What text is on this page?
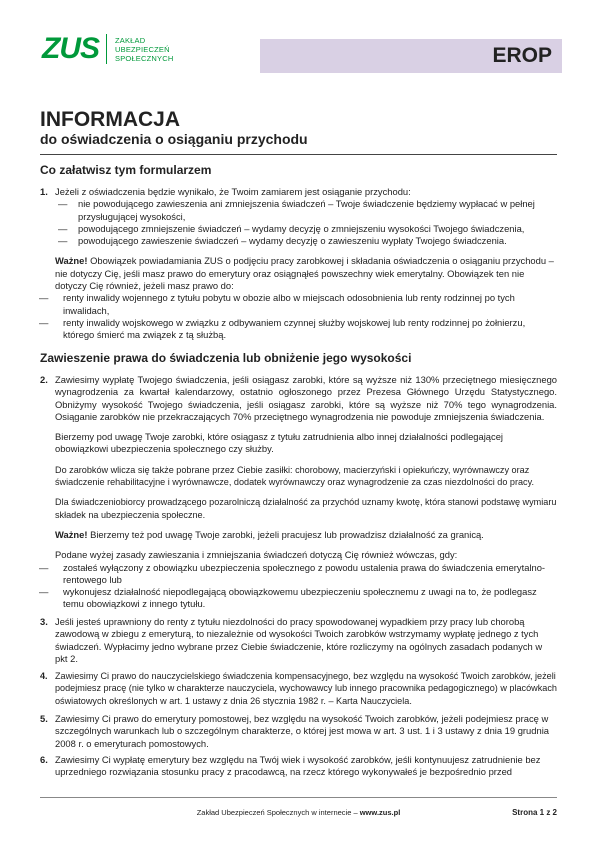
ZUS ZAKŁAD
UBEZPIECZEŃ
SPOŁECZNYCH	EROP
INFORMACJA
do oświadczenia o osiąganiu przychodu
Co załatwisz tym formularzem
1. Jeżeli z oświadczenia będzie wynikało, że Twoim zamiarem jest osiąganie przychodu:

—	nie powodującego zawieszenia ani zmniejszenia świadczeń – Twoje świadczenie będziemy wypłacać w pełnej przysługującej wysokości,
—	powodującego zmniejszenie świadczeń – wydamy decyzję o zmniejszeniu wysokości Twojego świadczenia,
—	powodującego zawieszenie świadczeń – wydamy decyzję o zawieszeniu wypłaty Twojego świadczenia.

Ważne! Obowiązek powiadamiania ZUS o podjęciu pracy zarobkowej i składania oświadczenia o osiąganiu przychodu – nie dotyczy Cię, jeśli masz prawo do emerytury oraz osiągnąłeś powszechny wiek emerytalny. Obowiązek ten nie dotyczy Cię również, jeżeli masz prawo do:

—	renty inwalidy wojennego z tytułu pobytu w obozie albo w miejscach odosobnienia lub renty rodzinnej po tych inwalidach,
—	renty inwalidy wojskowego w związku z odbywaniem czynnej służby wojskowej lub renty rodzinnej po żołnierzu, którego śmierć ma związek z tą służbą.
Zawieszenie prawa do świadczenia lub obniżenie jego wysokości
2. Zawiesimy wypłatę Twojego świadczenia, jeśli osiągasz zarobki, które są wyższe niż 130% przeciętnego miesięcznego wynagrodzenia za kwartał kalendarzowy, ostatnio ogłoszonego przez Prezesa Głównego Urzędu Statystycznego. Obniżymy wysokość Twojego świadczenia, jeśli osiągasz zarobki, które są wyższe niż 70% tego wynagrodzenia. Osiąganie zarobków nie przekraczających 70% przeciętnego wynagrodzenia nie powoduje zmniejszenia świadczenia.

Bierzemy pod uwagę Twoje zarobki, które osiągasz z tytułu zatrudnienia albo innej działalności podlegającej obowiązkowi ubezpieczenia społecznego czy służby.

Do zarobków wlicza się także pobrane przez Ciebie zasiłki: chorobowy, macierzyński i opiekuńczy, wyrównawczy oraz świadczenie rehabilitacyjne i wyrównawcze, dodatek wyrównawczy oraz wynagrodzenie za czas niezdolności do pracy.

Dla świadczeniobiorcy prowadzącego pozarolniczą działalność za przychód uznamy kwotę, która stanowi podstawę wymiaru składek na ubezpieczenia społeczne.

Ważne! Bierzemy też pod uwagę Twoje zarobki, jeżeli pracujesz lub prowadzisz działalność za granicą.

Podane wyżej zasady zawieszania i zmniejszania świadczeń dotyczą Cię również wówczas, gdy:

—	zostałeś wyłączony z obowiązku ubezpieczenia społecznego z powodu ustalenia prawa do świadczenia emerytalno-rentowego lub
—	wykonujesz działalność niepodlegającą obowiązkowemu ubezpieczeniu społecznemu z uwagi na to, że podlegasz temu obowiązkowi z innego tytułu.
3. Jeśli jesteś uprawniony do renty z tytułu niezdolności do pracy spowodowanej wypadkiem przy pracy lub chorobą zawodową w zbiegu z emeryturą, to niezależnie od wysokości Twoich zarobków wstrzymamy wypłatę jednego z tych świadczeń. Wypłacimy jedno wybrane przez Ciebie świadczenie, które rozliczymy na ogólnych zasadach podanych w pkt 2.

4. Zawiesimy Ci prawo do nauczycielskiego świadczenia kompensacyjnego, bez względu na wysokość Twoich zarobków, jeżeli podejmiesz pracę (nie tylko w charakterze nauczyciela, wychowawcy lub innego pracownika pedagogicznego) w placówkach oświatowych określonych w art. 1 ustawy z dnia 26 stycznia 1982 r. – Karta Nauczyciela.

5. Zawiesimy Ci prawo do emerytury pomostowej, bez względu na wysokość Twoich zarobków, jeżeli podejmiesz pracę w szczególnych warunkach lub o szczególnym charakterze, o której jest mowa w art. 3 ust. 1 i 3 ustawy z dnia 19 grudnia 2008 r. o emeryturach pomostowych.

6. Zawiesimy Ci wypłatę emerytury bez względu na Twój wiek i wysokość zarobków, jeśli kontynuujesz zatrudnienie bez uprzedniego rozwiązania stosunku pracy z pracodawcą, na rzecz którego wykonywałeś je bezpośrednio przed

Zakład Ubezpieczeń Społecznych w internecie – www.zus.pl	Strona 1 z 2
